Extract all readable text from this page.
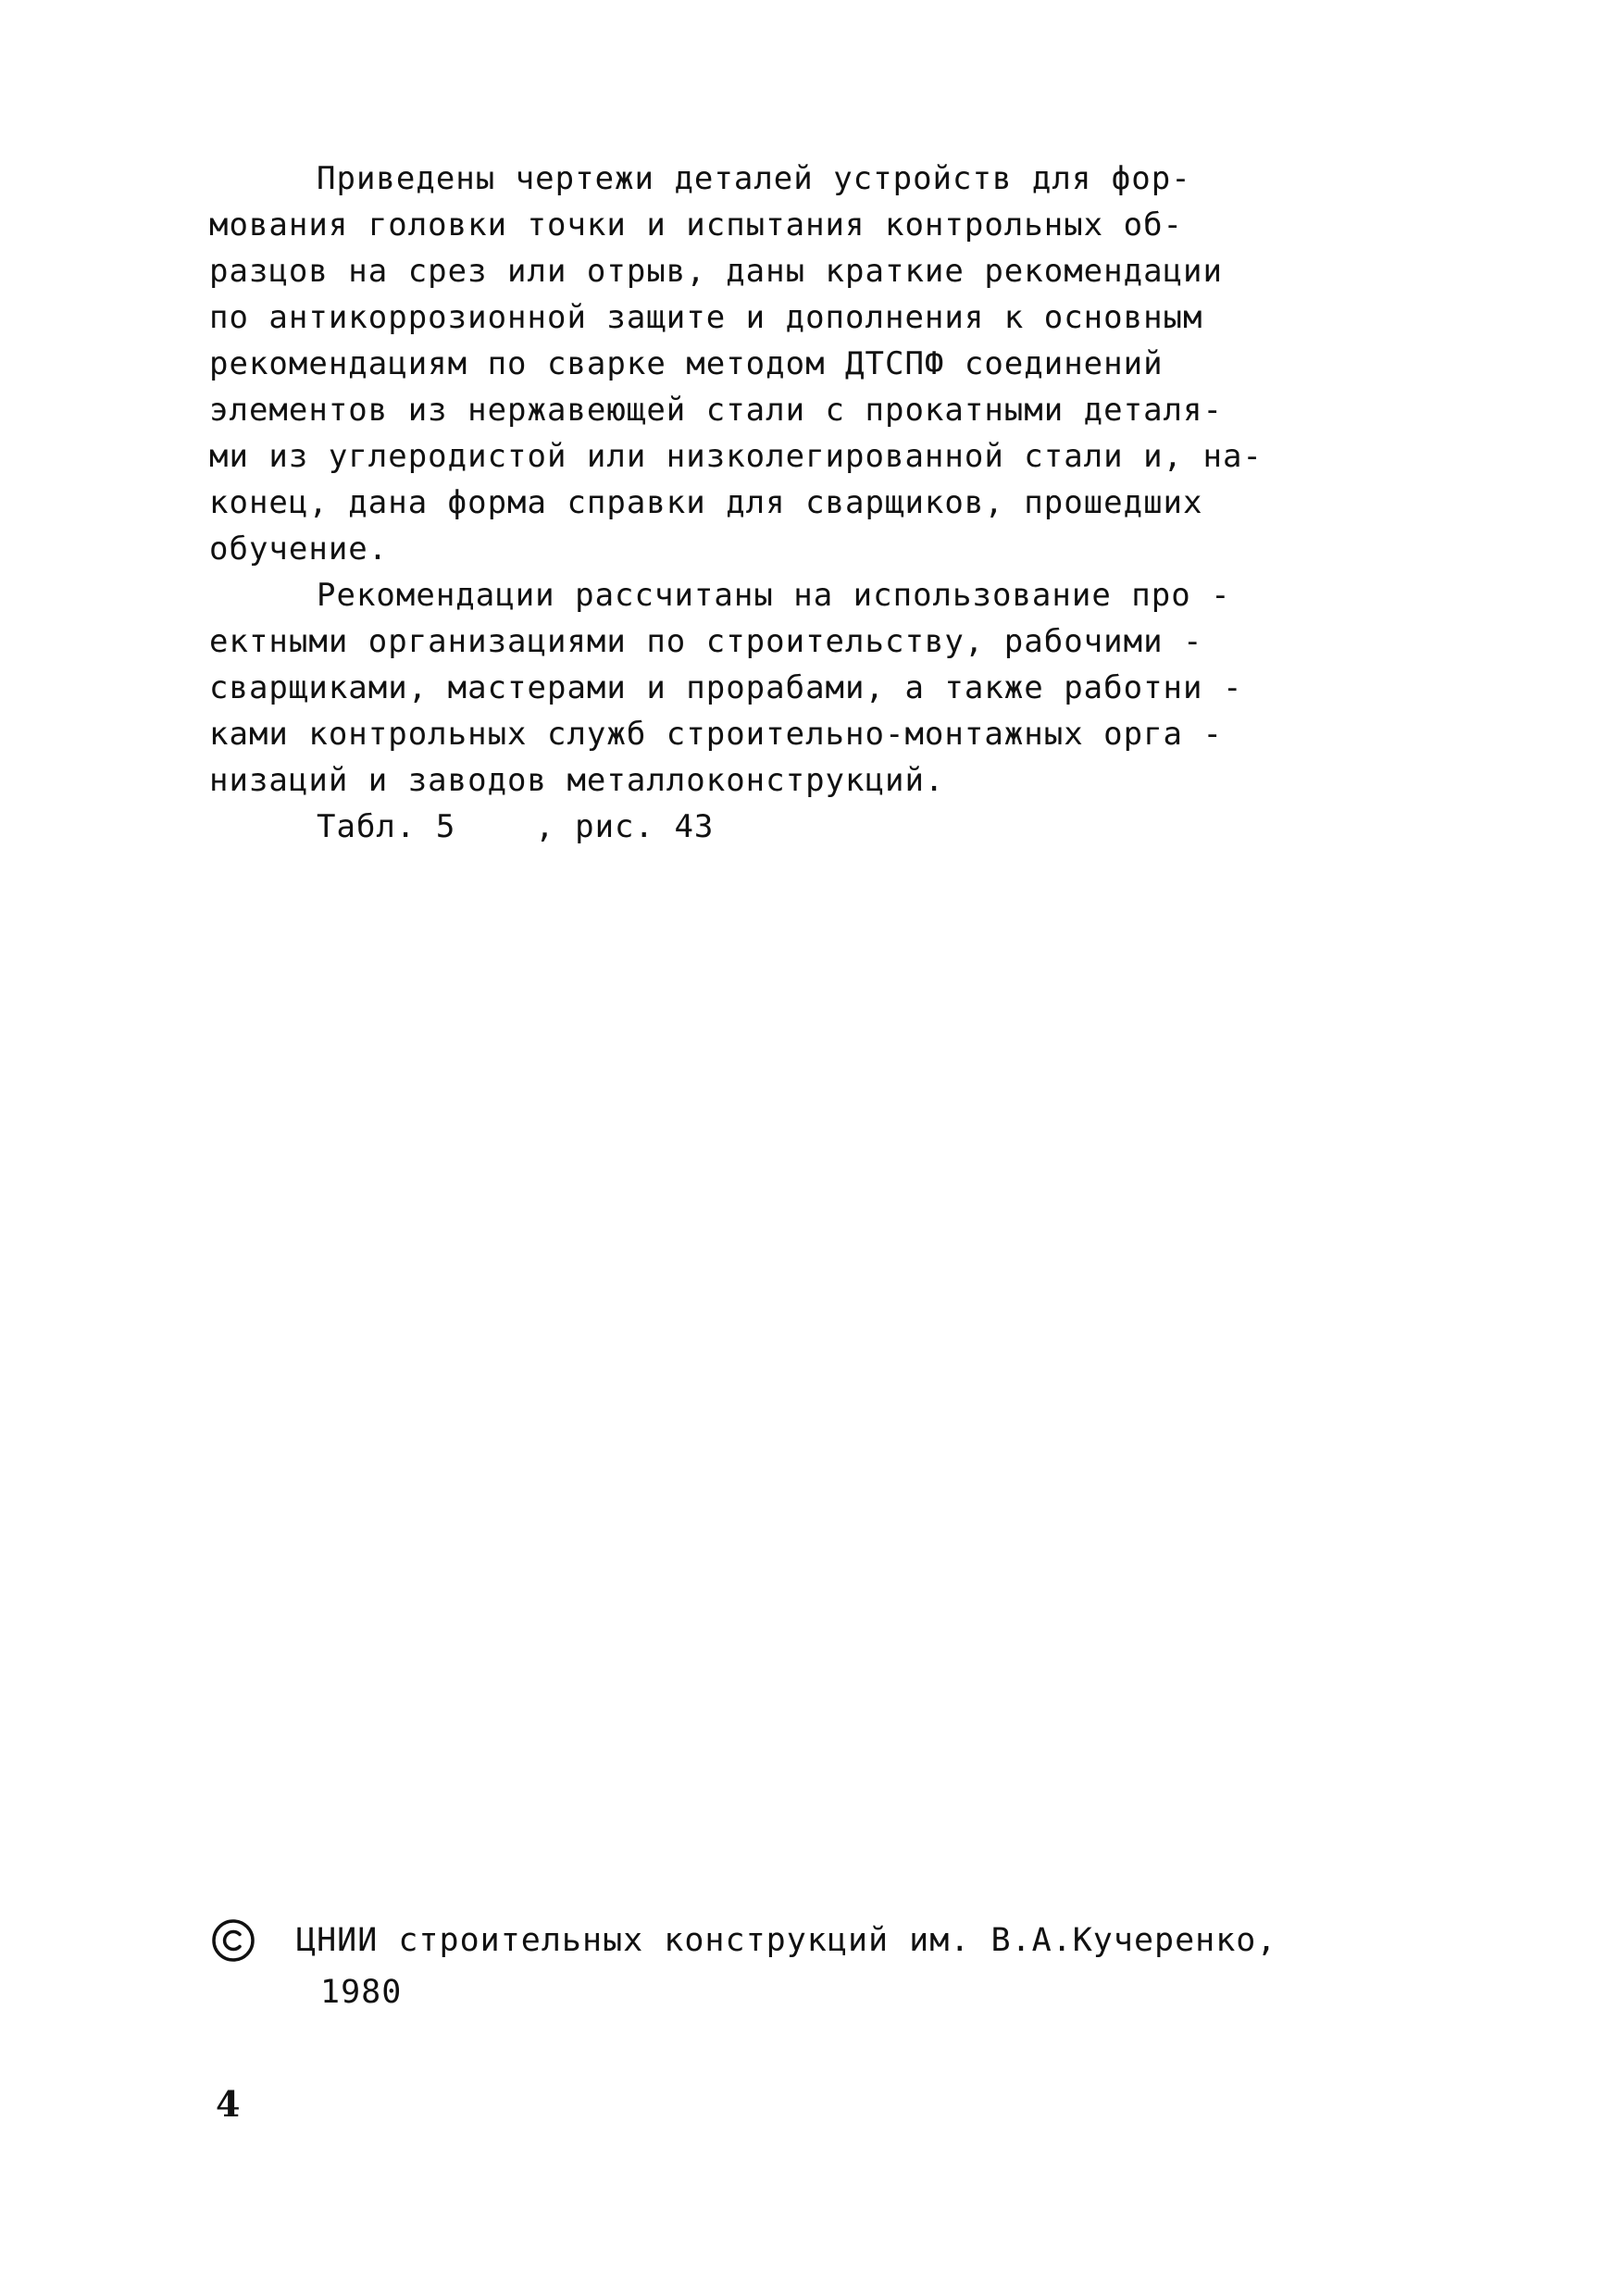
Приведены чертежи деталей устройств для фор-
мования головки точки и испытания контрольных об-
разцов на срез или отрыв, даны краткие рекомендации
по антикоррозионной защите и дополнения к основным
рекомендациям по сварке методом ДТСПФ соединений
элементов из нержавеющей стали с прокатными деталя-
ми из углеродистой или низколегированной стали и, на-
конец, дана форма справки для сварщиков, прошедших
обучение.
Рекомендации рассчитаны на использование про -
ектными организациями по строительству, рабочими -
сварщиками, мастерами и прорабами, а также работни -
ками контрольных служб строительно-монтажных орга -
низаций и заводов металлоконструкций.
Табл. 5    , рис. 43
ЦНИИ строительных конструкций им. В.А.Кучеренко,
1980
4
